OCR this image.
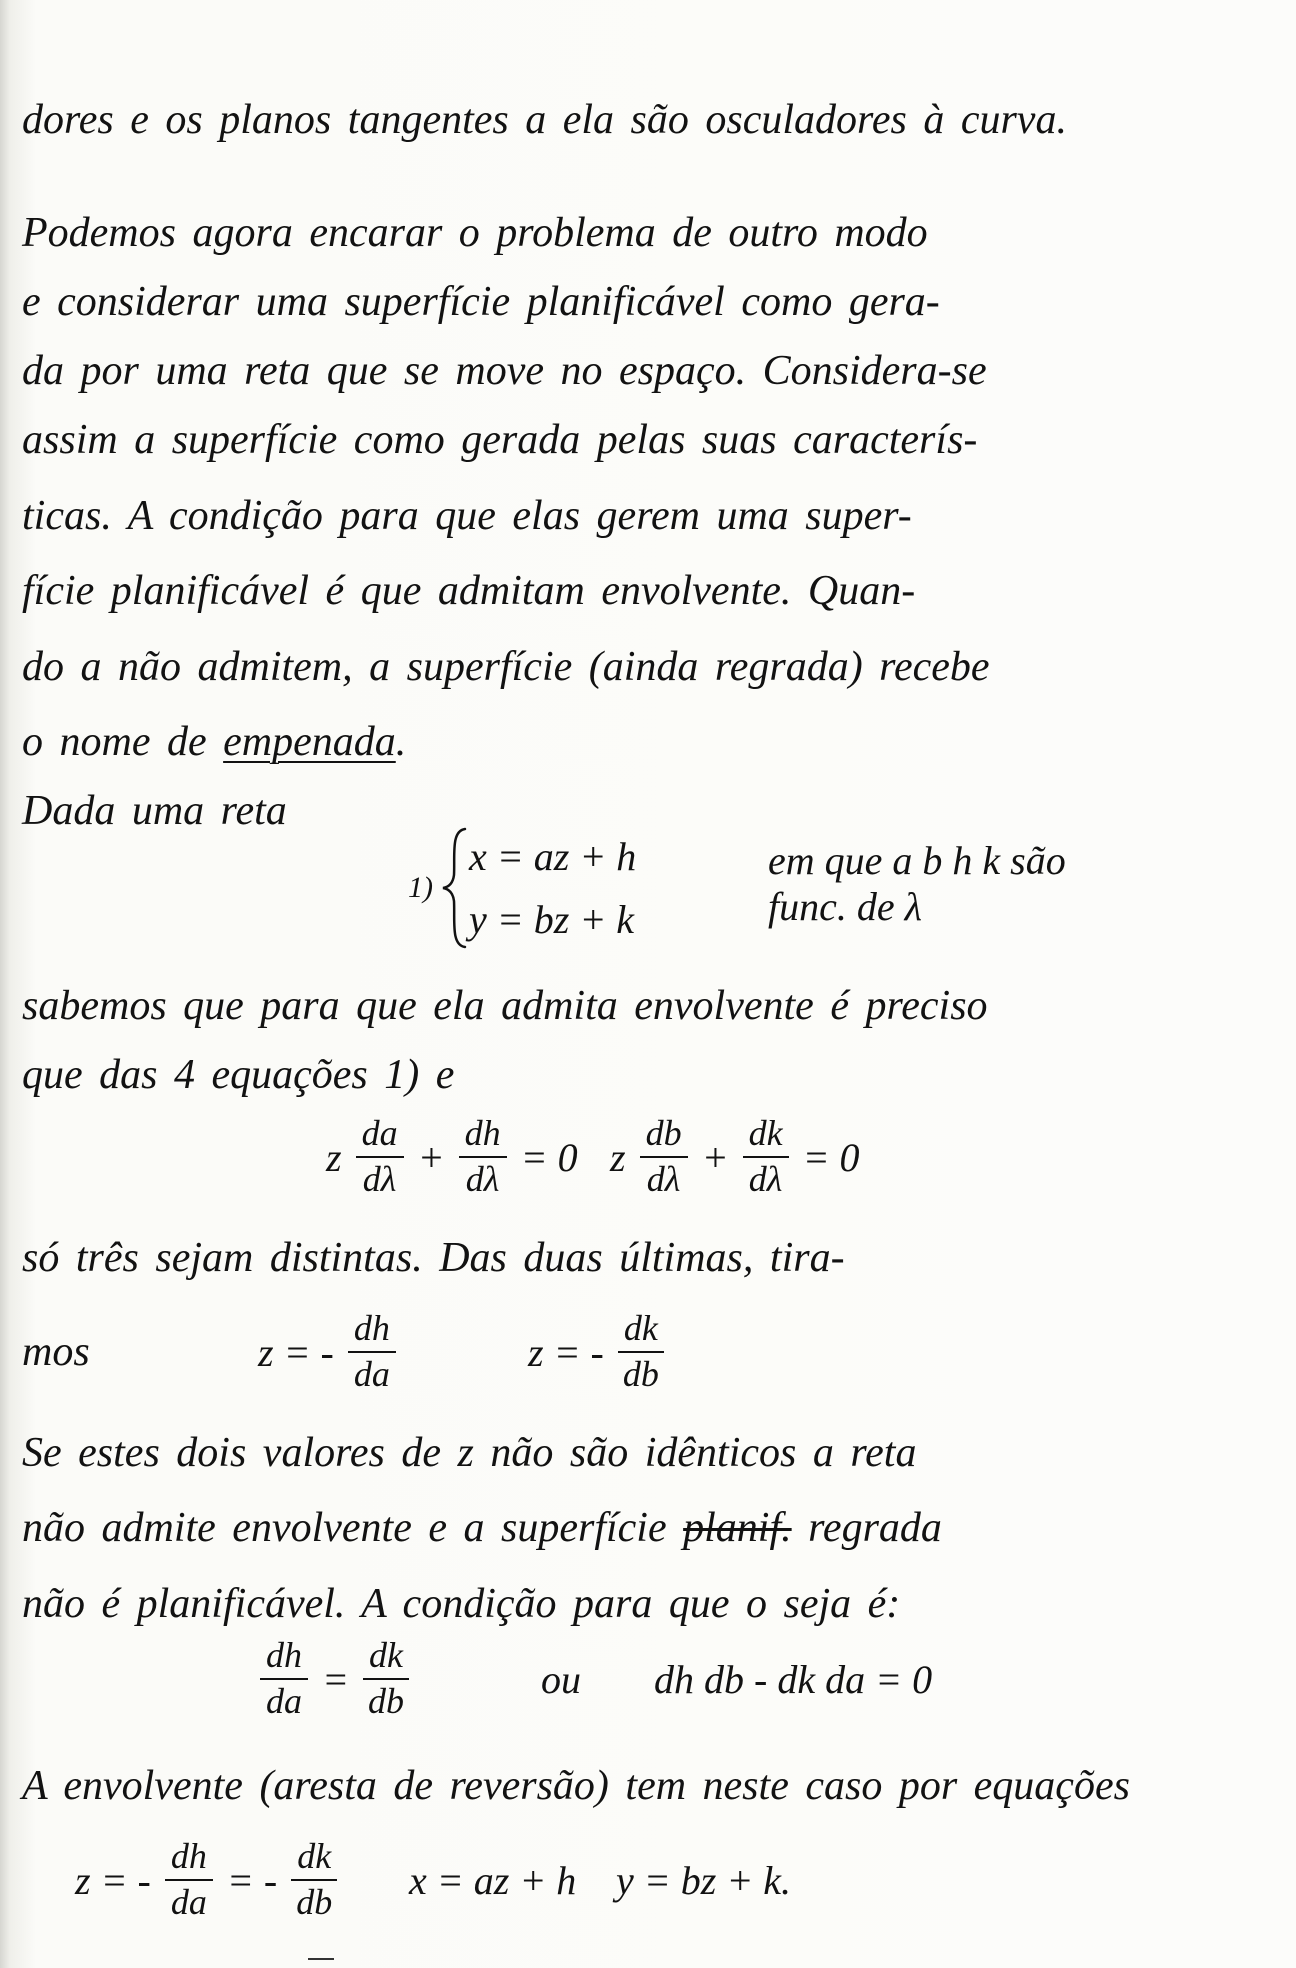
dores e os planos tangentes a ela são osculadores à curva.
Podemos agora encarar o problema de outro modo
e considerar uma superfície planificável como gera-
da por uma reta que se move no espaço. Considera-se
assim a superfície como gerada pelas suas caracterís-
ticas. A condição para que elas gerem uma super-
fície planificável é que admitam envolvente. Quan-
do a não admitem, a superfície (ainda regrada) recebe
o nome de empenada.
Dada uma reta
1)
x = az + h
y = bz + k
em que a b h k são
func. de λ
sabemos que para que ela admita envolvente é preciso
que das 4 equações 1) e
z $\frac{da}{d\lambda} + \frac{dh}{d\lambda} = 0$ z $\frac{db}{d\lambda} + \frac{dk}{d\lambda} = 0$
só três sejam distintas. Das duas últimas, tira-
mos	z = - $\frac{dh}{da}$	z = - $\frac{dk}{db}$
Se estes dois valores de z não são idênticos a reta
não admite envolvente e a superfície planif. regrada
não é planificável. A condição para que o seja é:
$\frac{dh}{da} = \frac{dk}{db}$	ou dh db - dk da = 0
A envolvente (aresta de reversão) tem neste caso por equações
z = - $\frac{dh}{da}$ = - $\frac{dk}{db}$ x = az + h y = bz + k.
